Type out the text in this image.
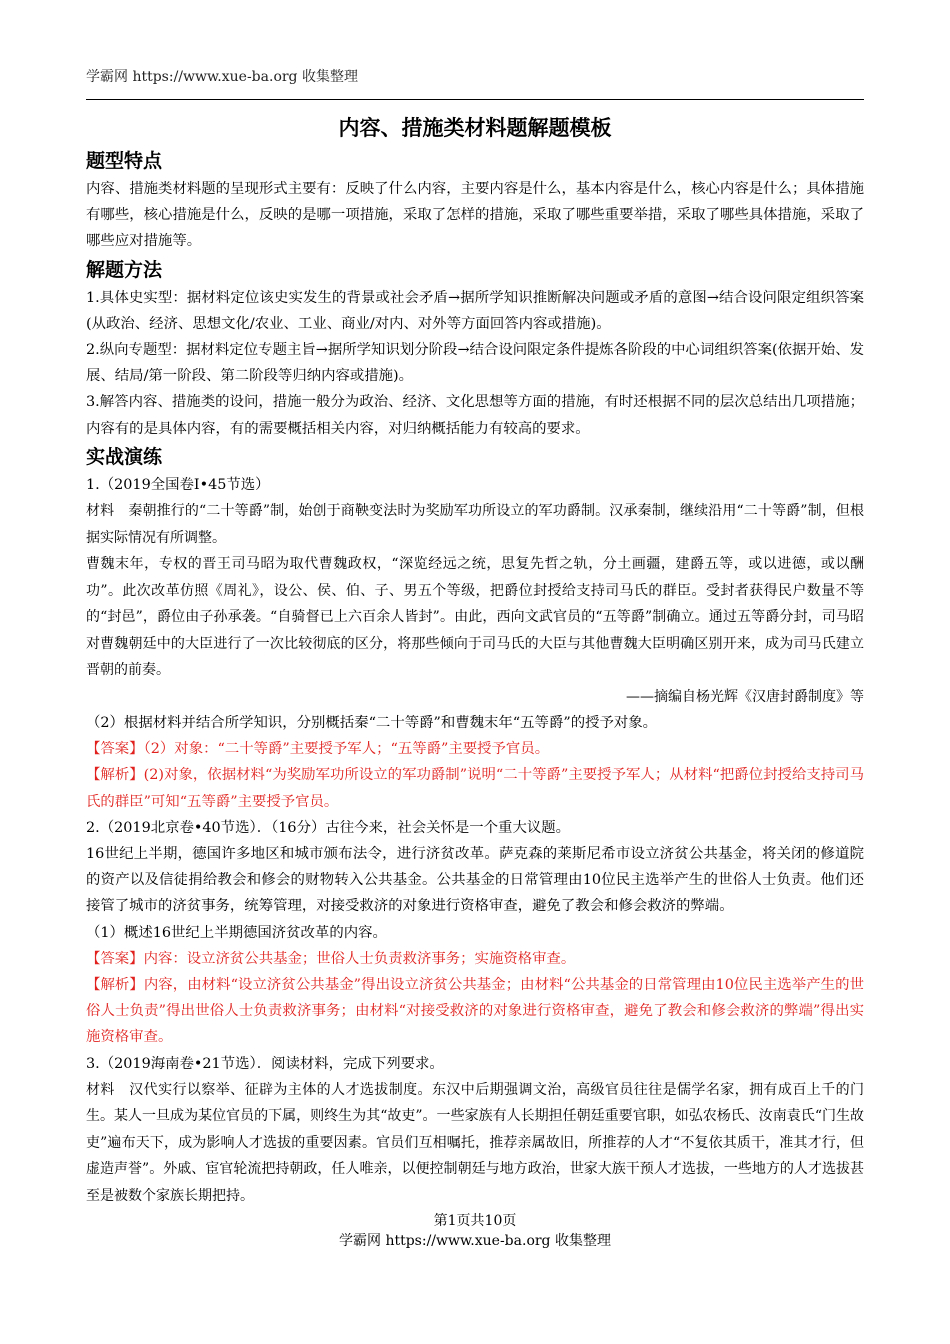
学霸网 https://www.xue-ba.org 收集整理
内容、措施类材料题解题模板
题型特点

内容、措施类材料题的呈现形式主要有：反映了什么内容，主要内容是什么，基本内容是什么，核心内容是什么；具体措施有哪些，核心措施是什么，反映的是哪一项措施，采取了怎样的措施，采取了哪些重要举措，采取了哪些具体措施，采取了哪些应对措施等。

解题方法

1.具体史实型：据材料定位该史实发生的背景或社会矛盾→据所学知识推断解决问题或矛盾的意图→结合设问限定组织答案(从政治、经济、思想文化/农业、工业、商业/对内、对外等方面回答内容或措施)。

2.纵向专题型：据材料定位专题主旨→据所学知识划分阶段→结合设问限定条件提炼各阶段的中心词组织答案(依据开始、发展、结局/第一阶段、第二阶段等归纳内容或措施)。

3.解答内容、措施类的设问，措施一般分为政治、经济、文化思想等方面的措施，有时还根据不同的层次总结出几项措施；内容有的是具体内容，有的需要概括相关内容，对归纳概括能力有较高的要求。

实战演练

1.（2019全国卷Ⅰ•45节选）

材料　秦朝推行的“二十等爵”制，始创于商鞅变法时为奖励军功所设立的军功爵制。汉承秦制，继续沿用“二十等爵”制，但根据实际情况有所调整。

曹魏末年，专权的晋王司马昭为取代曹魏政权，“深览经远之统，思复先哲之轨，分土画疆，建爵五等，或以进德，或以酬功”。此次改革仿照《周礼》，设公、侯、伯、子、男五个等级，把爵位封授给支持司马氏的群臣。受封者获得民户数量不等的“封邑”，爵位由子孙承袭。“自骑督已上六百余人皆封”。由此，西向文武官员的“五等爵”制确立。通过五等爵分封，司马昭对曹魏朝廷中的大臣进行了一次比较彻底的区分，将那些倾向于司马氏的大臣与其他曹魏大臣明确区别开来，成为司马氏建立晋朝的前奏。

——摘编自杨光辉《汉唐封爵制度》等

（2）根据材料并结合所学知识，分别概括秦“二十等爵”和曹魏末年“五等爵”的授予对象。

【答案】（2）对象：“二十等爵”主要授予军人；“五等爵”主要授予官员。

【解析】(2)对象，依据材料“为奖励军功所设立的军功爵制”说明“二十等爵”主要授予军人；从材料“把爵位封授给支持司马氏的群臣”可知“五等爵”主要授予官员。

2.（2019北京卷•40节选）．（16分）古往今来，社会关怀是一个重大议题。

16世纪上半期，德国许多地区和城市颁布法令，进行济贫改革。萨克森的莱斯尼希市设立济贫公共基金，将关闭的修道院的资产以及信徒捐给教会和修会的财物转入公共基金。公共基金的日常管理由10位民主选举产生的世俗人士负责。他们还接管了城市的济贫事务，统筹管理，对接受救济的对象进行资格审查，避免了教会和修会救济的弊端。

（1）概述16世纪上半期德国济贫改革的内容。

【答案】内容：设立济贫公共基金；世俗人士负责救济事务；实施资格审查。

【解析】内容，由材料“设立济贫公共基金”得出设立济贫公共基金；由材料“公共基金的日常管理由10位民主选举产生的世俗人士负责”得出世俗人士负责救济事务；由材料“对接受救济的对象进行资格审查，避免了教会和修会救济的弊端”得出实施资格审查。

3.（2019海南卷•21节选）．阅读材料，完成下列要求。

材料　汉代实行以察举、征辟为主体的人才选拔制度。东汉中后期强调文治，高级官员往往是儒学名家，拥有成百上千的门生。某人一旦成为某位官员的下属，则终生为其“故吏”。一些家族有人长期担任朝廷重要官职，如弘农杨氏、汝南袁氏“门生故吏”遍布天下，成为影响人才选拔的重要因素。官员们互相嘱托，推荐亲属故旧，所推荐的人才“不复依其质干，准其才行，但虚造声誉”。外戚、宦官轮流把持朝政，任人唯亲，以便控制朝廷与地方政治，世家大族干预人才选拔，一些地方的人才选拔甚至是被数个家族长期把持。

第1页共10页
学霸网 https://www.xue-ba.org 收集整理
